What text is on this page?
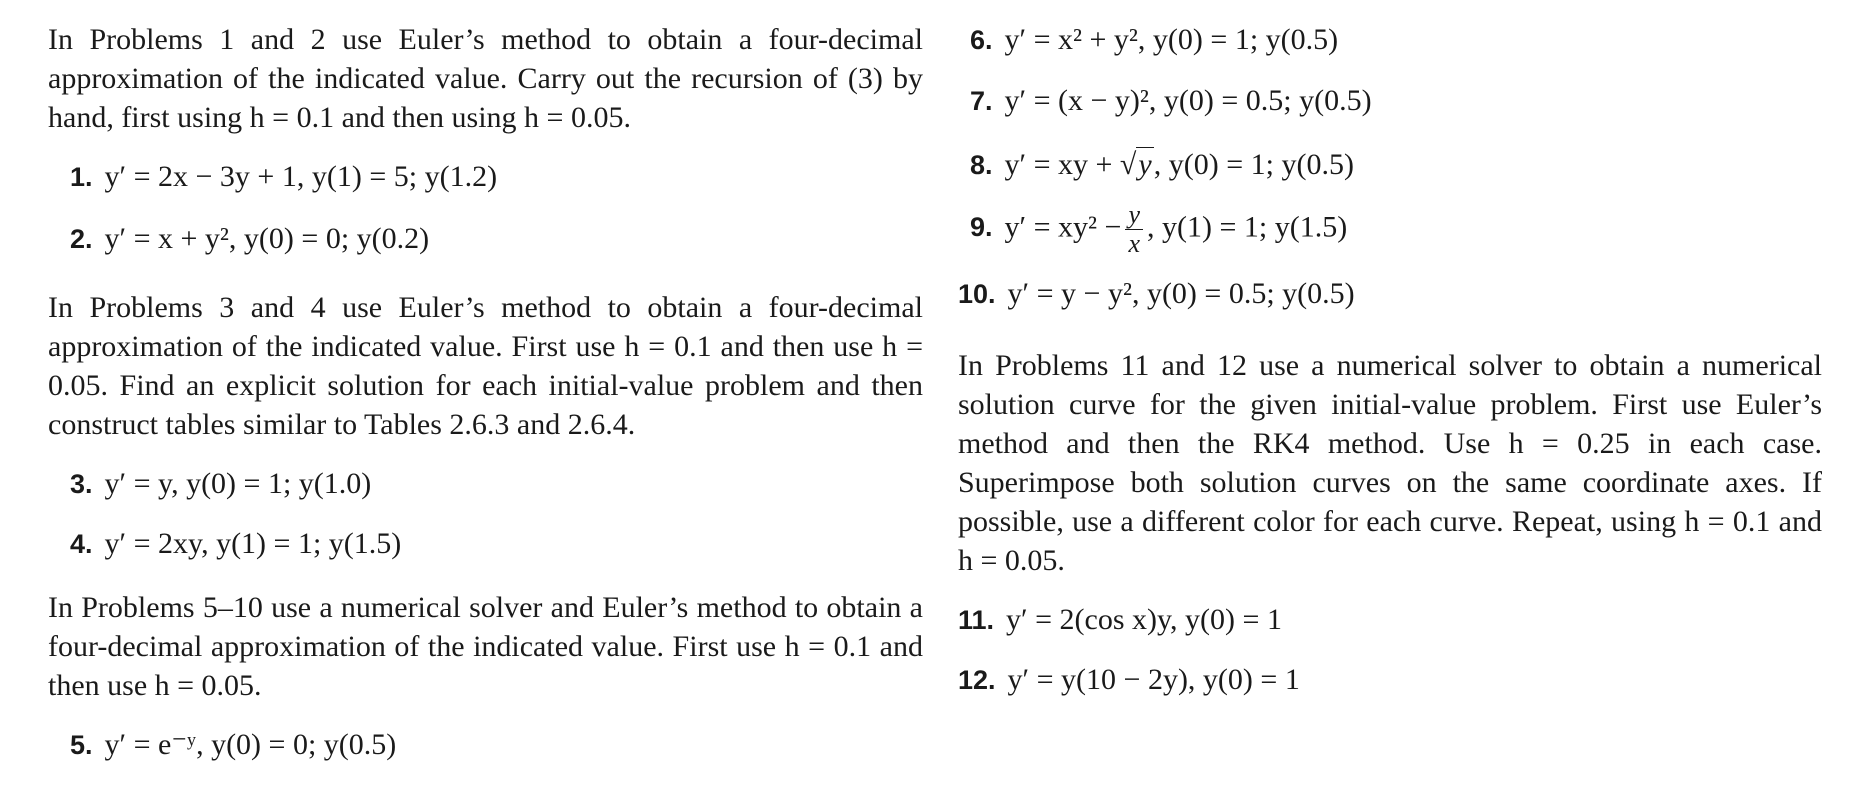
In Problems 1 and 2 use Euler’s method to obtain a four-decimal approximation of the indicated value. Carry out the recursion of (3) by hand, first using h = 0.1 and then using h = 0.05.

1. y′ = 2x − 3y + 1, y(1) = 5; y(1.2)
2. y′ = x + y², y(0) = 0; y(0.2)

In Problems 3 and 4 use Euler’s method to obtain a four-decimal approximation of the indicated value. First use h = 0.1 and then use h = 0.05. Find an explicit solution for each initial-value problem and then construct tables similar to Tables 2.6.3 and 2.6.4.

3. y′ = y, y(0) = 1; y(1.0)
4. y′ = 2xy, y(1) = 1; y(1.5)

In Problems 5–10 use a numerical solver and Euler’s method to obtain a four-decimal approximation of the indicated value. First use h = 0.1 and then use h = 0.05.

5. y′ = e⁻ʸ, y(0) = 0; y(0.5)
6. y′ = x² + y², y(0) = 1; y(0.5)
7. y′ = (x − y)², y(0) = 0.5; y(0.5)
8. y′ = xy + √y, y(0) = 1; y(0.5)
9. $y' = xy^2 - \frac{y}{x}$ , y(1) = 1; y(1.5)
10. y′ = y − y², y(0) = 0.5; y(0.5)

In Problems 11 and 12 use a numerical solver to obtain a numerical solution curve for the given initial-value problem. First use Euler’s method and then the RK4 method. Use h = 0.25 in each case. Superimpose both solution curves on the same coordinate axes. If possible, use a different color for each curve. Repeat, using h = 0.1 and h = 0.05.

11. y′ = 2(cos x)y, y(0) = 1
12. y′ = y(10 − 2y), y(0) = 1
